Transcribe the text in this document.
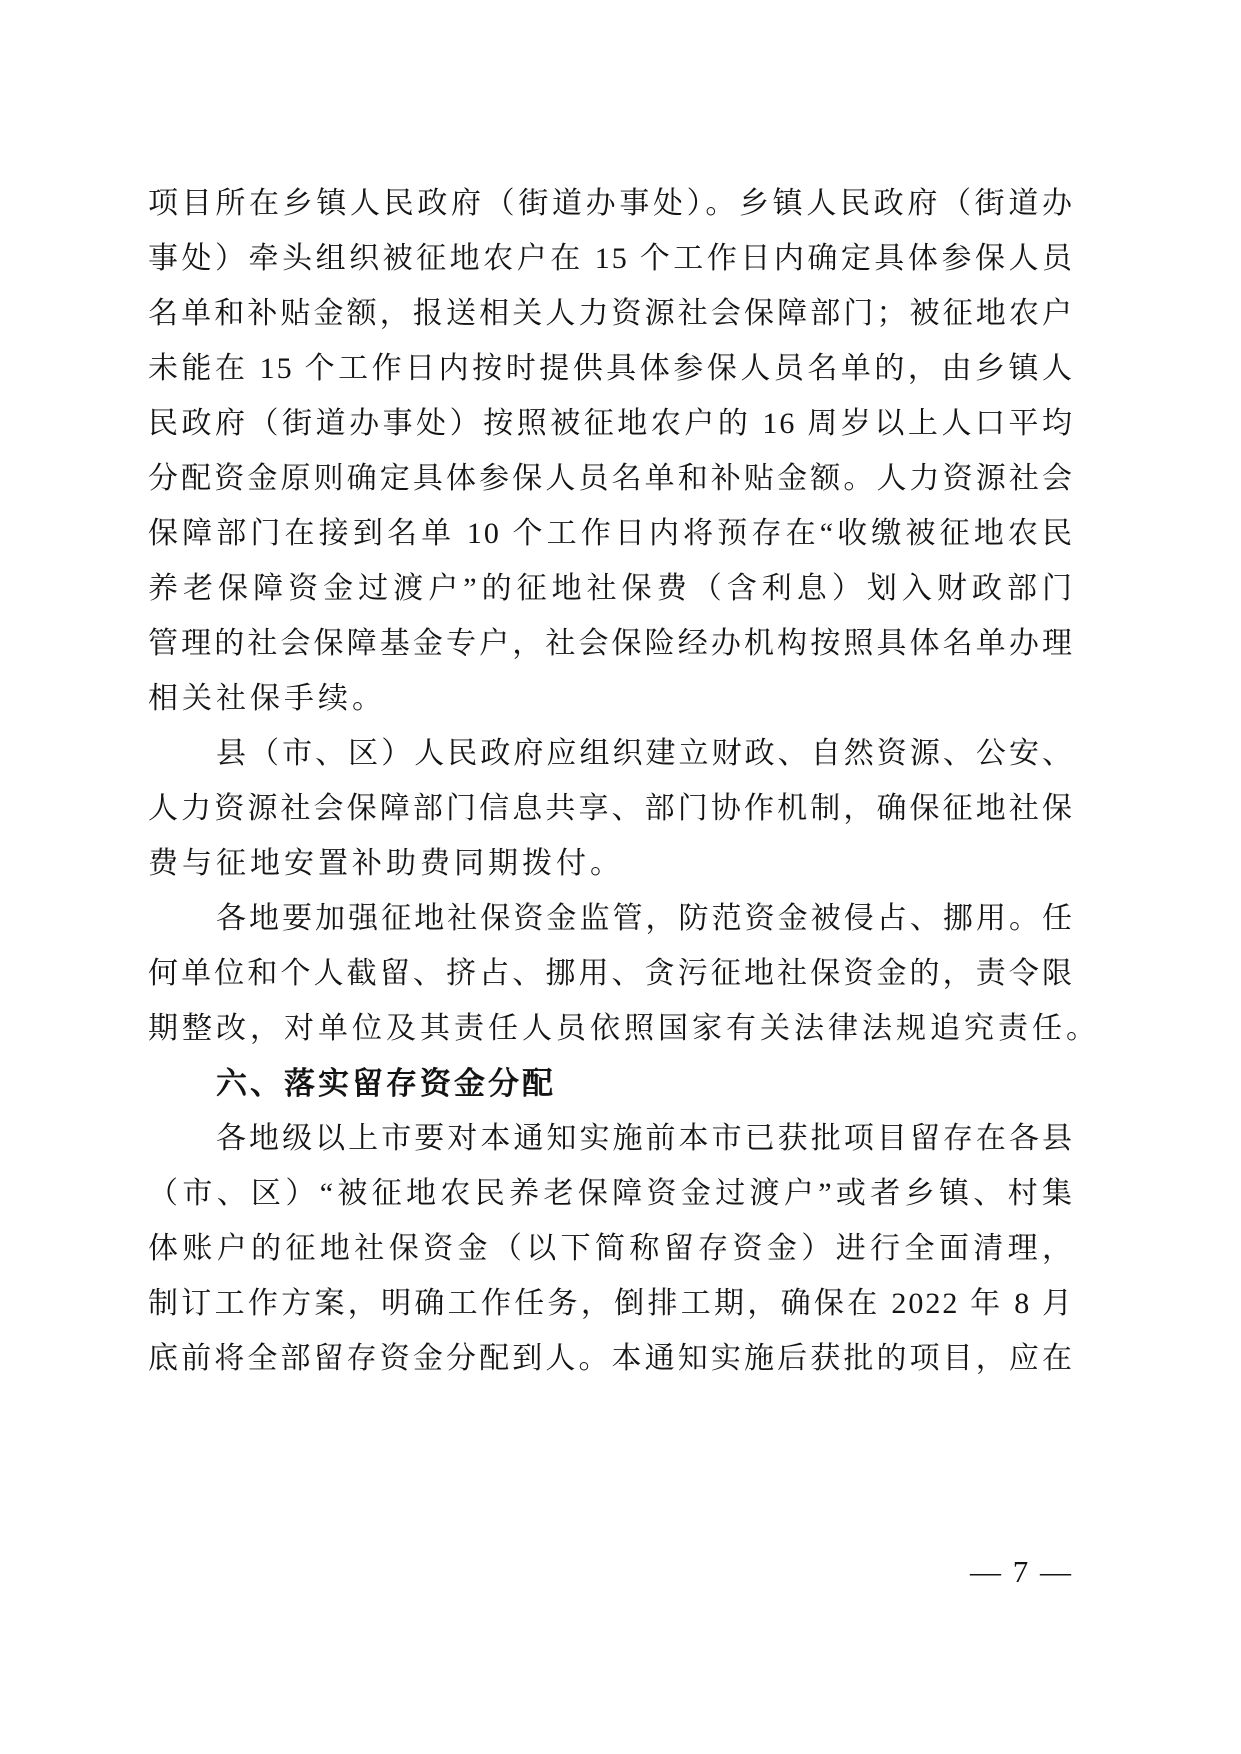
项目所在乡镇人民政府（街道办事处）。乡镇人民政府（街道办
事处）牵头组织被征地农户在 15 个工作日内确定具体参保人员
名单和补贴金额，报送相关人力资源社会保障部门；被征地农户
未能在 15 个工作日内按时提供具体参保人员名单的，由乡镇人
民政府（街道办事处）按照被征地农户的 16 周岁以上人口平均
分配资金原则确定具体参保人员名单和补贴金额。人力资源社会
保障部门在接到名单 10 个工作日内将预存在“收缴被征地农民
养老保障资金过渡户”的征地社保费（含利息）划入财政部门
管理的社会保障基金专户，社会保险经办机构按照具体名单办理
相关社保手续。
县（市、区）人民政府应组织建立财政、自然资源、公安、
人力资源社会保障部门信息共享、部门协作机制，确保征地社保
费与征地安置补助费同期拨付。
各地要加强征地社保资金监管，防范资金被侵占、挪用。任
何单位和个人截留、挤占、挪用、贪污征地社保资金的，责令限
期整改，对单位及其责任人员依照国家有关法律法规追究责任。
六、落实留存资金分配
各地级以上市要对本通知实施前本市已获批项目留存在各县
（市、区）“被征地农民养老保障资金过渡户”或者乡镇、村集
体账户的征地社保资金（以下简称留存资金）进行全面清理，
制订工作方案，明确工作任务，倒排工期，确保在 2022 年 8 月
底前将全部留存资金分配到人。本通知实施后获批的项目，应在
— 7 —
